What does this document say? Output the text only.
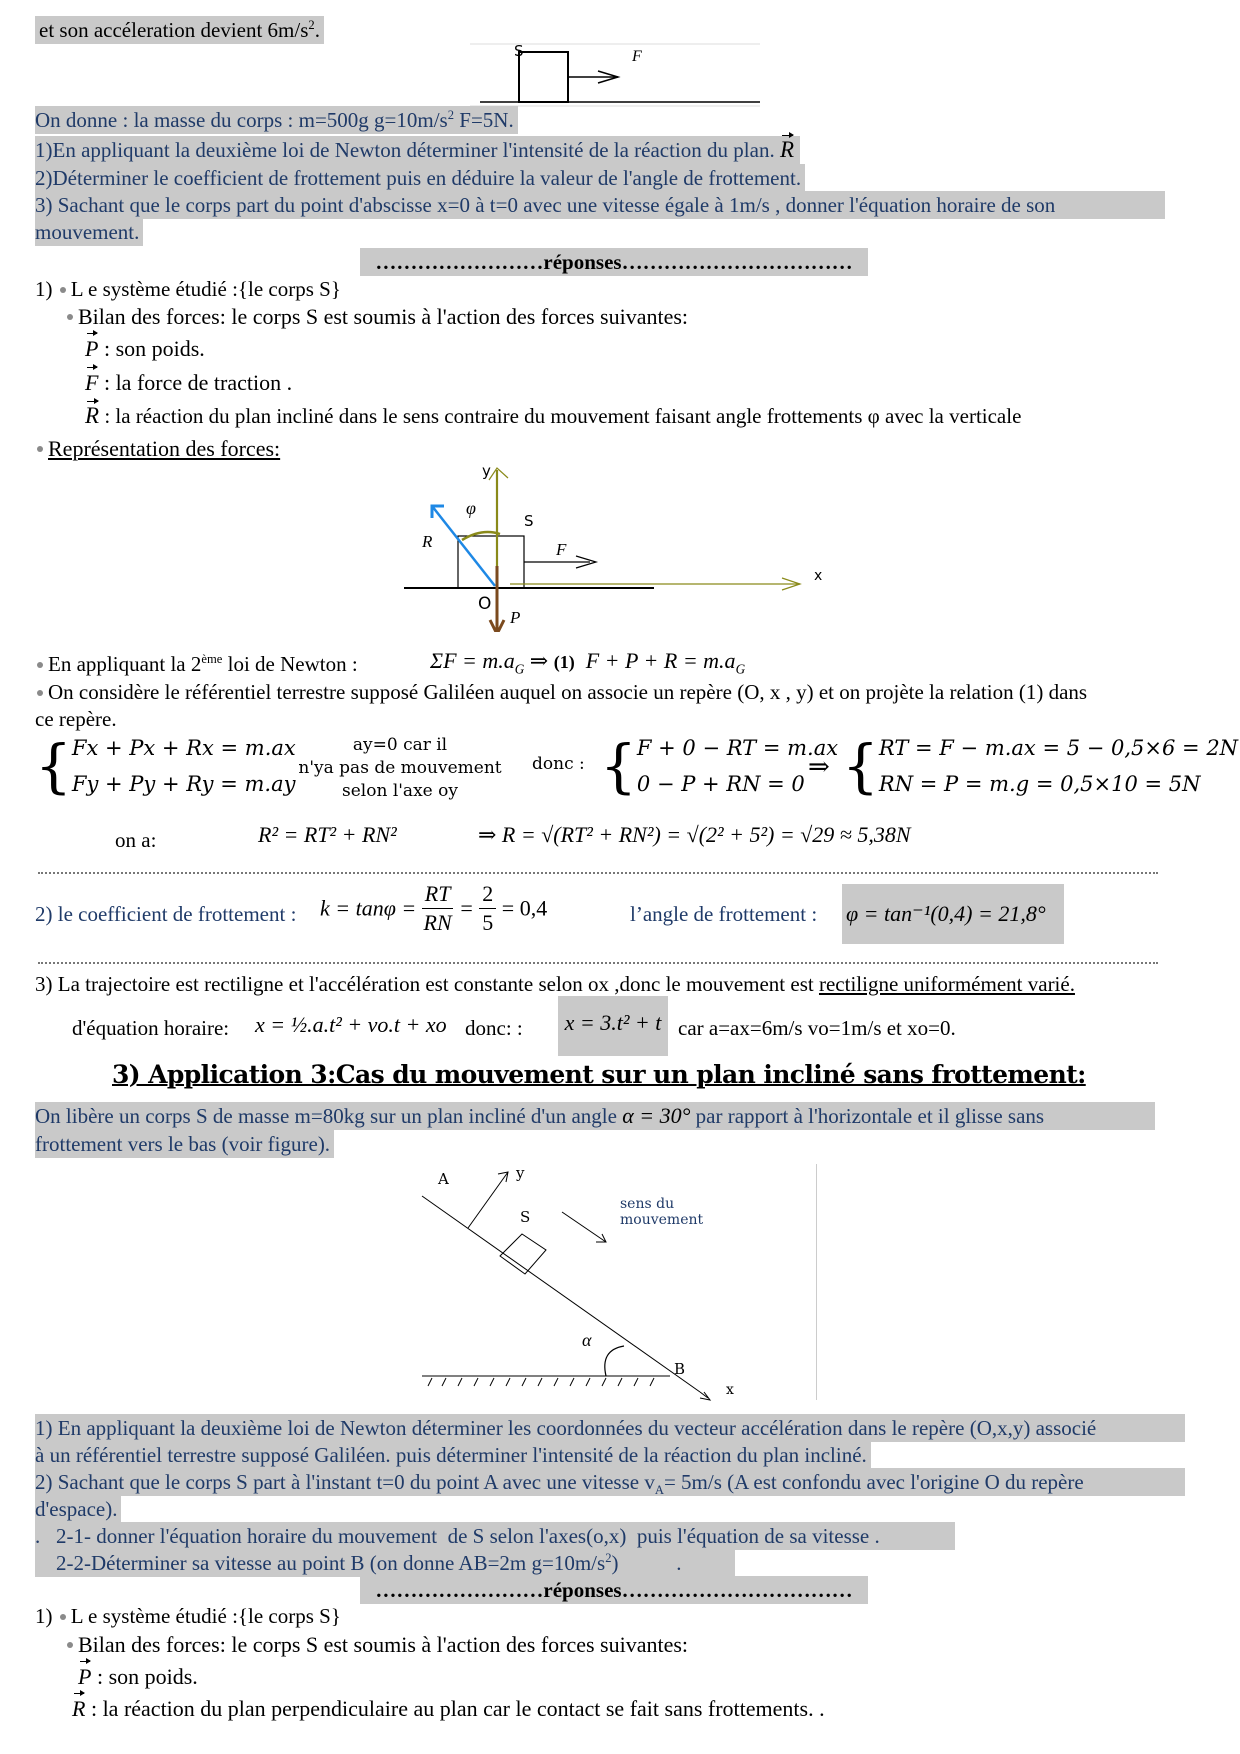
et son accéleration devient $6m/s^2$.
S	F
On donne : la masse du corps : m=500g $g=10m/s^2$ F=5N.
1)En appliquant la deuxième loi de Newton déterminer l'intensité de la réaction du plan. R
2)Déterminer le coefficient de frottement puis en déduire la valeur de l'angle de frottement.
3) Sachant que le corps part du point d'abscisse x=0 à t=0 avec une vitesse égale à 1m/s , donner l'équation horaire de son
mouvement.
……………………réponses……………………………
1) L e système étudié :{le corps S}
Bilan des forces: le corps S est soumis à l'action des forces suivantes:
P : son poids.
F : la force de traction .
R : la réaction du plan incliné dans le sens contraire du mouvement faisant angle frottements φ avec la verticale
Représentation des forces:
y
φ
S
R	F
x
O
P
En appliquant la 2ème loi de Newton :	$\Sigma F = m.a_G$ ⇒ (1) $F + P + R = m.a_G$
On considère le référentiel terrestre supposé Galiléen auquel on associe un repère (O, x , y) et on projète la relation (1) dans
ce repère.
{ Fx + Px + Rx = m.ax
Fy + Py + Ry = m.ay
ay=0 car il
n'ya pas de mouvement
selon l'axe oy
donc : { F + 0 − RT = m.ax
0 − P + RN = 0
⇒ { RT = F − m.ax = 5 − 0,5×6 = 2N
RN = P = m.g = 0,5×10 = 5N
on a:	R² = RT² + RN²	⇒ R = √(RT² + RN²) = √(2² + 5²) = √29 ≈ 5,38N
2) le coefficient de frottement : $k = \tan\varphi = \frac{RT}{RN} = \frac{2}{5} = 0,4$	l’angle de frottement : φ = tan⁻¹(0,4) = 21,8°
3) La trajectoire est rectiligne et l'accélération est constante selon ox ,donc le mouvement est rectiligne uniformément varié.
d'équation horaire: x = ½.a.t² + vo.t + xo donc: :	x = 3.t² + t car a=ax=6m/s vo=1m/s et xo=0.
3) Application 3:Cas du mouvement sur un plan incliné sans frottement:
On libère un corps S de masse m=80kg sur un plan incliné d'un angle α = 30° par rapport à l'horizontale et il glisse sans
frottement vers le bas (voir figure).
A	y
S
sens du
mouvement
α
B
x
1) En appliquant la deuxième loi de Newton déterminer les coordonnées du vecteur accélération dans le repère (O,x,y) associé
à un référentiel terrestre supposé Galiléen. puis déterminer l'intensité de la réaction du plan incliné.
2) Sachant que le corps S part à l'instant t=0 du point A avec une vitesse $v_A= 5m/s$ (A est confondu avec l'origine O du repère
d'espace).
.   2-1- donner l'équation horaire du mouvement  de S selon l'axes(o,x)  puis l'équation de sa vitesse .
2-2-Déterminer sa vitesse au point B (on donne AB=2m $g=10m/s^2$)           .
……………………réponses……………………………
1) L e système étudié :{le corps S}
Bilan des forces: le corps S est soumis à l'action des forces suivantes:
P : son poids.
R : la réaction du plan perpendiculaire au plan car le contact se fait sans frottements. .
